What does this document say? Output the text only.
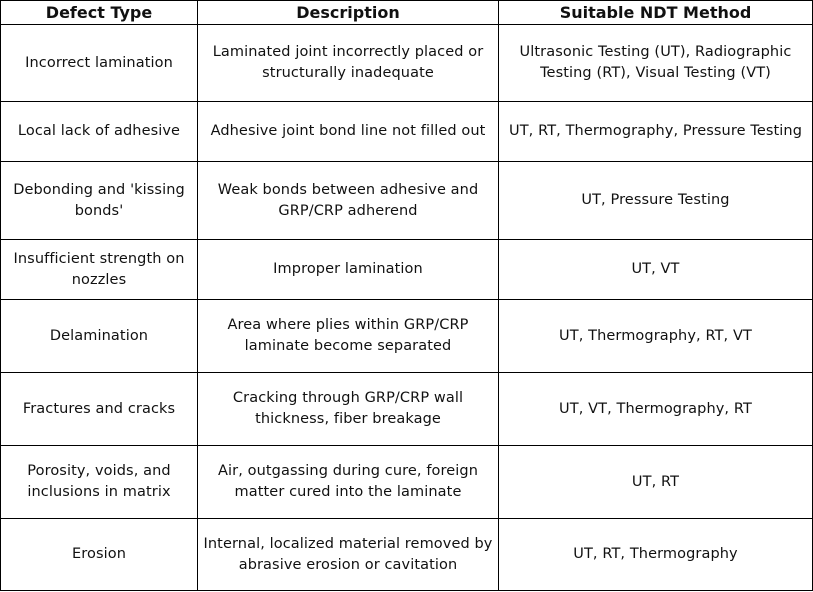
Defect Type	Description	Suitable NDT Method
Incorrect lamination	Laminated joint incorrectly placed or structurally inadequate	Ultrasonic Testing (UT), Radiographic Testing (RT), Visual Testing (VT)
Local lack of adhesive	Adhesive joint bond line not filled out	UT, RT, Thermography, Pressure Testing
Debonding and 'kissing bonds'	Weak bonds between adhesive and GRP/CRP adherend	UT, Pressure Testing
Insufficient strength on nozzles	Improper lamination	UT, VT
Delamination	Area where plies within GRP/CRP laminate become separated	UT, Thermography, RT, VT
Fractures and cracks	Cracking through GRP/CRP wall thickness, fiber breakage	UT, VT, Thermography, RT
Porosity, voids, and inclusions in matrix	Air, outgassing during cure, foreign matter cured into the laminate	UT, RT
Erosion	Internal, localized material removed by abrasive erosion or cavitation	UT, RT, Thermography
